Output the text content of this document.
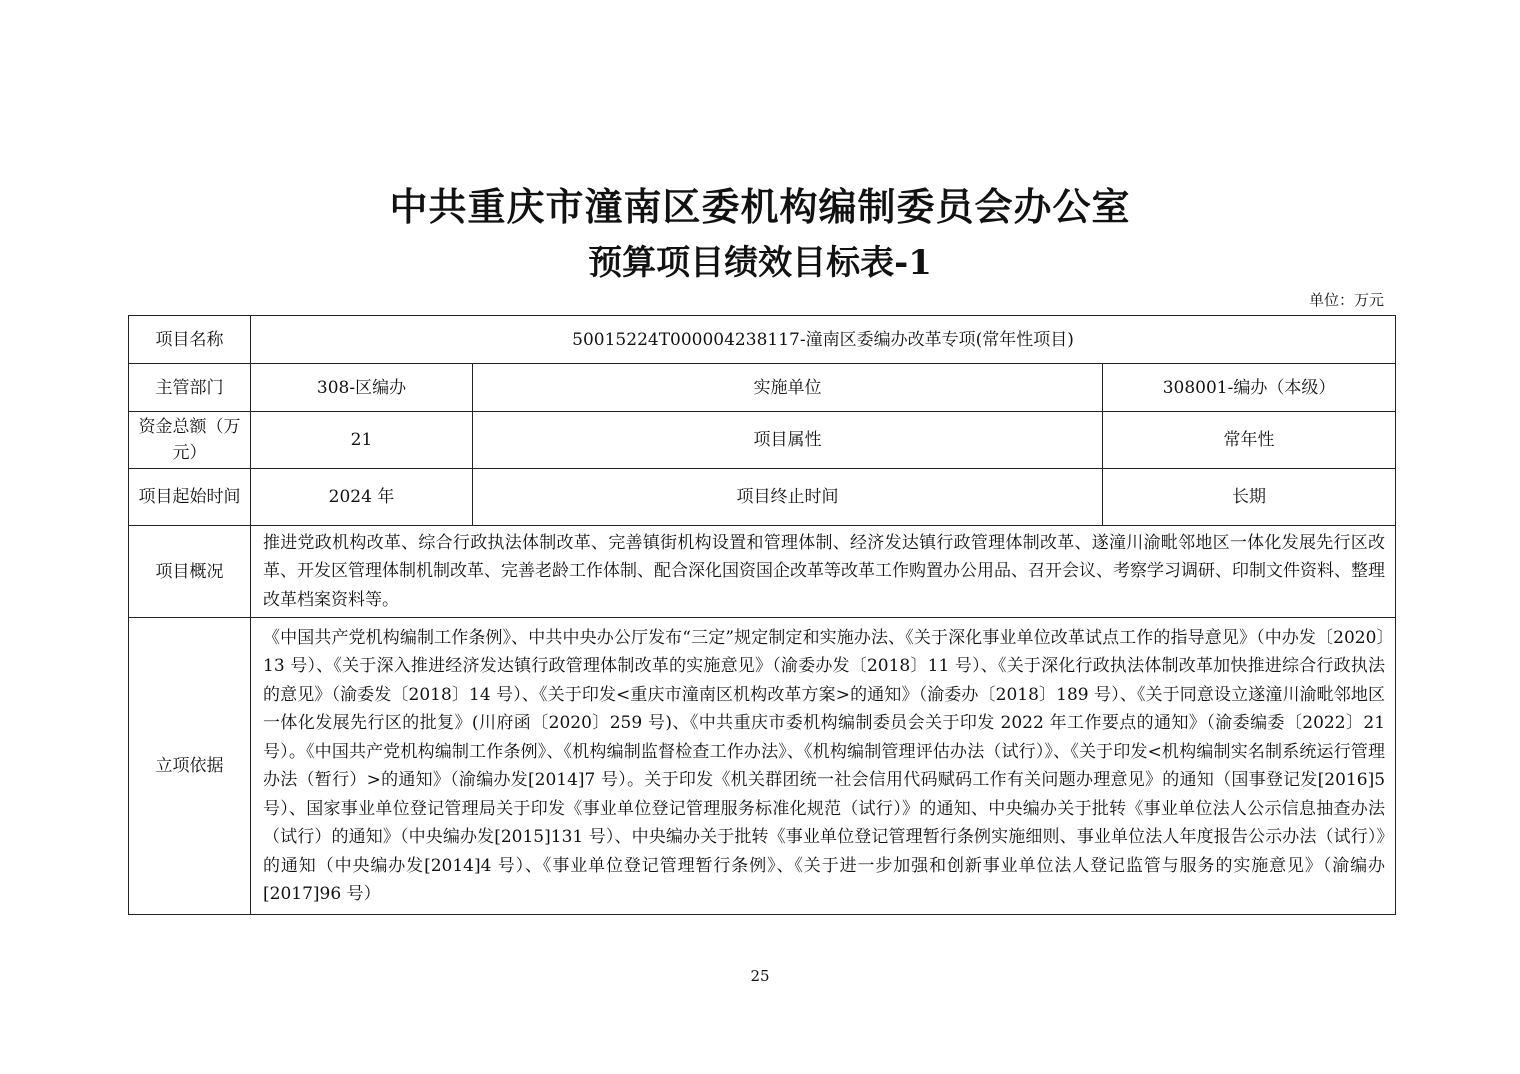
中共重庆市潼南区委机构编制委员会办公室
预算项目绩效目标表-1
单位：万元
项目名称	50015224T000004238117-潼南区委编办改革专项(常年性项目)		
主管部门	308-区编办	实施单位	308001-编办（本级）
资金总额（万元）	21	项目属性	常年性
项目起始时间	2024 年	项目终止时间	长期
项目概况	推进党政机构改革、综合行政执法体制改革、完善镇街机构设置和管理体制、经济发达镇行政管理体制改革、遂潼川渝毗邻地区一体化发展先行区改革、开发区管理体制机制改革、完善老龄工作体制、配合深化国资国企改革等改革工作购置办公用品、召开会议、考察学习调研、印制文件资料、整理改革档案资料等。		
立项依据	《中国共产党机构编制工作条例》、中共中央办公厅发布“三定”规定制定和实施办法、《关于深化事业单位改革试点工作的指导意见》（中办发〔2020〕13 号）、《关于深入推进经济发达镇行政管理体制改革的实施意见》（渝委办发〔2018〕11 号）、《关于深化行政执法体制改革加快推进综合行政执法的意见》（渝委发〔2018〕14 号）、《关于印发<重庆市潼南区机构改革方案>的通知》（渝委办〔2018〕189 号）、《关于同意设立遂潼川渝毗邻地区一体化发展先行区的批复》(川府函〔2020〕259 号)、《中共重庆市委机构编制委员会关于印发 2022 年工作要点的通知》（渝委编委〔2022〕21 号）。《中国共产党机构编制工作条例》、《机构编制监督检查工作办法》、《机构编制管理评估办法（试行）》、《关于印发<机构编制实名制系统运行管理办法（暂行）>的通知》（渝编办发[2014]7 号）。关于印发《机关群团统一社会信用代码赋码工作有关问题办理意见》的通知（国事登记发[2016]5 号）、国家事业单位登记管理局关于印发《事业单位登记管理服务标准化规范（试行）》的通知、中央编办关于批转《事业单位法人公示信息抽查办法（试行）的通知》（中央编办发[2015]131 号）、中央编办关于批转《事业单位登记管理暂行条例实施细则、事业单位法人年度报告公示办法（试行）》的通知（中央编办发[2014]4 号）、《事业单位登记管理暂行条例》、《关于进一步加强和创新事业单位法人登记监管与服务的实施意见》（渝编办[2017]96 号）		
25
